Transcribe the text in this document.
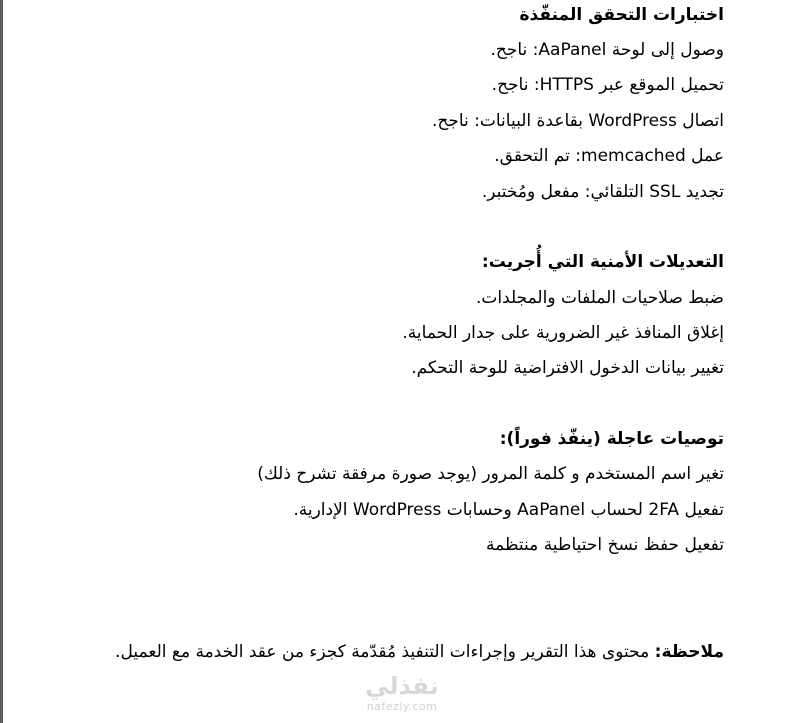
اختبارات التحقق المنفّذة
وصول إلى لوحة AaPanel: ناجح.
تحميل الموقع عبر HTTPS: ناجح.
اتصال WordPress بقاعدة البيانات: ناجح.
عمل memcached: تم التحقق.
تجديد SSL التلقائي: مفعل ومُختبر.
التعديلات الأمنية التي أُجريت:
ضبط صلاحيات الملفات والمجلدات.
إغلاق المنافذ غير الضرورية على جدار الحماية.
تغيير بيانات الدخول الافتراضية للوحة التحكم.
توصيات عاجلة (ينفّذ فوراً):
تغير اسم المستخدم و كلمة المرور (يوجد صورة مرفقة تشرح ذلك)
تفعيل 2FA لحساب AaPanel وحسابات WordPress الإدارية.
تفعيل حفظ نسخ احتياطية منتظمة
ملاحظة: محتوى هذا التقرير وإجراءات التنفيذ مُقدّمة كجزء من عقد الخدمة مع العميل.
نفذلي
nafezly.com
